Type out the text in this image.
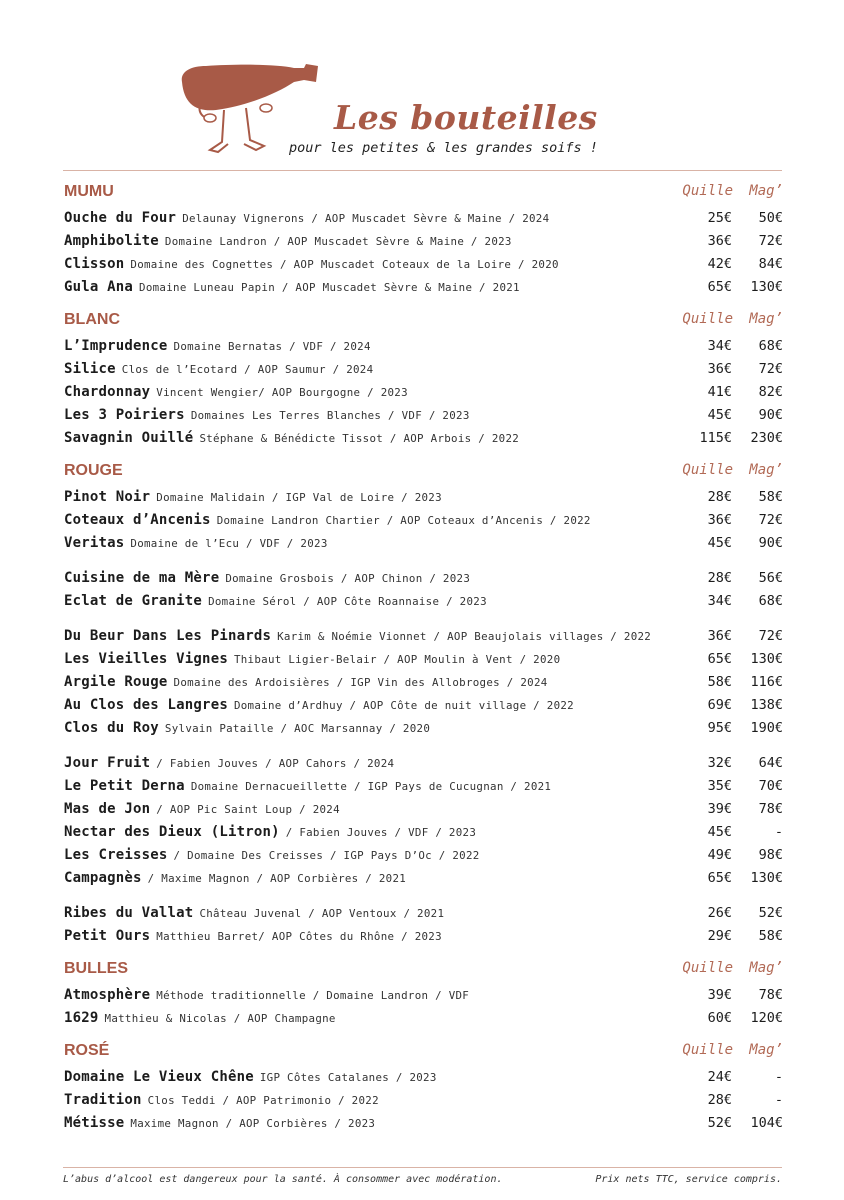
Les bouteilles
pour les petites & les grandes soifs !
MUMU	Quille Mag’
Ouche du Four Delaunay Vignerons / AOP Muscadet Sèvre & Maine / 2024	25€ 50€
Amphibolite Domaine Landron / AOP Muscadet Sèvre & Maine / 2023	36€ 72€
Clisson Domaine des Cognettes / AOP Muscadet Coteaux de la Loire / 2020	42€ 84€
Gula Ana Domaine Luneau Papin / AOP Muscadet Sèvre & Maine / 2021	65€ 130€
BLANC	Quille Mag’
L’Imprudence Domaine Bernatas / VDF / 2024	34€ 68€
Silice Clos de l’Ecotard / AOP Saumur / 2024	36€ 72€
Chardonnay Vincent Wengier/ AOP Bourgogne / 2023	41€ 82€
Les 3 Poiriers Domaines Les Terres Blanches / VDF / 2023	45€ 90€
Savagnin Ouillé Stéphane & Bénédicte Tissot / AOP Arbois / 2022	115€ 230€
ROUGE	Quille Mag’
Pinot Noir Domaine Malidain / IGP Val de Loire / 2023	28€ 58€
Coteaux d’Ancenis Domaine Landron Chartier / AOP Coteaux d’Ancenis / 2022	36€ 72€
Veritas Domaine de l’Ecu / VDF / 2023	45€ 90€
Cuisine de ma Mère Domaine Grosbois / AOP Chinon / 2023	28€ 56€
Eclat de Granite Domaine Sérol / AOP Côte Roannaise / 2023	34€ 68€
Du Beur Dans Les Pinards Karim & Noémie Vionnet / AOP Beaujolais villages / 2022	36€ 72€
Les Vieilles Vignes Thibaut Ligier-Belair / AOP Moulin à Vent / 2020	65€ 130€
Argile Rouge Domaine des Ardoisières / IGP Vin des Allobroges / 2024	58€ 116€
Au Clos des Langres Domaine d’Ardhuy / AOP Côte de nuit village / 2022	69€ 138€
Clos du Roy Sylvain Pataille / AOC Marsannay / 2020	95€ 190€
Jour Fruit / Fabien Jouves / AOP Cahors / 2024	32€ 64€
Le Petit Derna Domaine Dernacueillette / IGP Pays de Cucugnan / 2021	35€ 70€
Mas de Jon / AOP Pic Saint Loup / 2024	39€ 78€
Nectar des Dieux (Litron) / Fabien Jouves / VDF / 2023	45€	-
Les Creisses / Domaine Des Creisses / IGP Pays D’Oc / 2022	49€ 98€
Campagnès / Maxime Magnon / AOP Corbières / 2021	65€ 130€
Ribes du Vallat Château Juvenal / AOP Ventoux / 2021	26€ 52€
Petit Ours Matthieu Barret/ AOP Côtes du Rhône / 2023	29€ 58€
BULLES	Quille Mag’
Atmosphère Méthode traditionnelle / Domaine Landron / VDF	39€ 78€
1629 Matthieu & Nicolas / AOP Champagne	60€ 120€
ROSÉ	Quille Mag’
Domaine Le Vieux Chêne IGP Côtes Catalanes / 2023	24€	-
Tradition Clos Teddi / AOP Patrimonio / 2022	28€	-
Métisse Maxime Magnon / AOP Corbières / 2023	52€ 104€
L’abus d’alcool est dangereux pour la santé. À consommer avec modération.	Prix nets TTC, service compris.
